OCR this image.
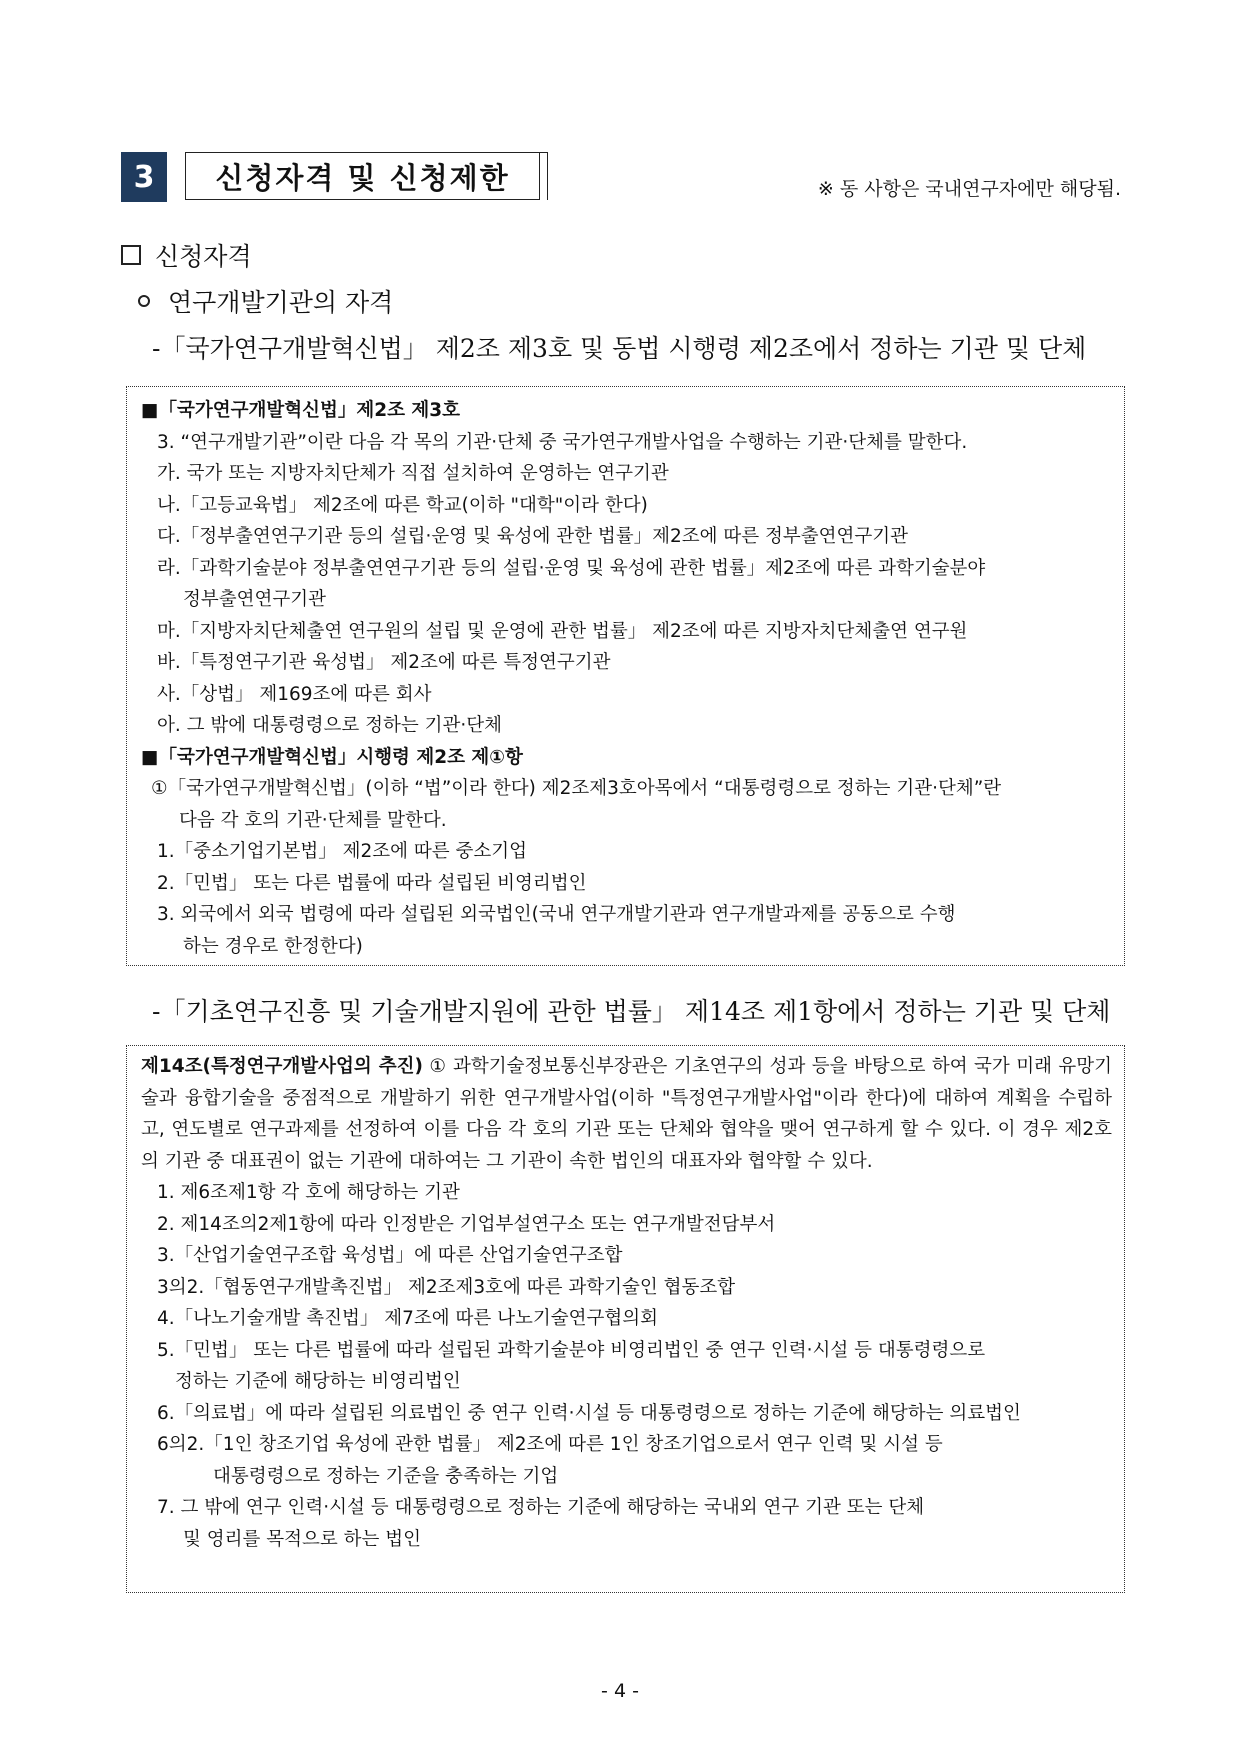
3	신청자격 및 신청제한	※ 동 사항은 국내연구자에만 해당됨.
신청자격
연구개발기관의 자격
-「국가연구개발혁신법」 제2조 제3호 및 동법 시행령 제2조에서 정하는 기관 및 단체
■「국가연구개발혁신법」제2조 제3호
3. “연구개발기관”이란 다음 각 목의 기관·단체 중 국가연구개발사업을 수행하는 기관·단체를 말한다.
가. 국가 또는 지방자치단체가 직접 설치하여 운영하는 연구기관
나.「고등교육법」 제2조에 따른 학교(이하 "대학"이라 한다)
다.「정부출연연구기관 등의 설립·운영 및 육성에 관한 법률」제2조에 따른 정부출연연구기관
라.「과학기술분야 정부출연연구기관 등의 설립·운영 및 육성에 관한 법률」제2조에 따른 과학기술분야
정부출연연구기관
마.「지방자치단체출연 연구원의 설립 및 운영에 관한 법률」 제2조에 따른 지방자치단체출연 연구원
바.「특정연구기관 육성법」 제2조에 따른 특정연구기관
사.「상법」 제169조에 따른 회사
아. 그 밖에 대통령령으로 정하는 기관·단체
■「국가연구개발혁신법」시행령 제2조 제①항
①「국가연구개발혁신법」(이하 “법”이라 한다) 제2조제3호아목에서 “대통령령으로 정하는 기관·단체”란
다음 각 호의 기관·단체를 말한다.
1.「중소기업기본법」 제2조에 따른 중소기업
2.「민법」 또는 다른 법률에 따라 설립된 비영리법인
3. 외국에서 외국 법령에 따라 설립된 외국법인(국내 연구개발기관과 연구개발과제를 공동으로 수행
하는 경우로 한정한다)
-「기초연구진흥 및 기술개발지원에 관한 법률」 제14조 제1항에서 정하는 기관 및 단체
제14조(특정연구개발사업의 추진) ① 과학기술정보통신부장관은 기초연구의 성과 등을 바탕으로 하여 국가 미래 유망기술과 융합기술을 중점적으로 개발하기 위한 연구개발사업(이하 "특정연구개발사업"이라 한다)에 대하여 계획을 수립하고, 연도별로 연구과제를 선정하여 이를 다음 각 호의 기관 또는 단체와 협약을 맺어 연구하게 할 수 있다. 이 경우 제2호의 기관 중 대표권이 없는 기관에 대하여는 그 기관이 속한 법인의 대표자와 협약할 수 있다.
1. 제6조제1항 각 호에 해당하는 기관
2. 제14조의2제1항에 따라 인정받은 기업부설연구소 또는 연구개발전담부서
3.「산업기술연구조합 육성법」에 따른 산업기술연구조합
3의2.「협동연구개발촉진법」 제2조제3호에 따른 과학기술인 협동조합
4.「나노기술개발 촉진법」 제7조에 따른 나노기술연구협의회
5.「민법」 또는 다른 법률에 따라 설립된 과학기술분야 비영리법인 중 연구 인력·시설 등 대통령령으로
정하는 기준에 해당하는 비영리법인
6.「의료법」에 따라 설립된 의료법인 중 연구 인력·시설 등 대통령령으로 정하는 기준에 해당하는 의료법인
6의2.「1인 창조기업 육성에 관한 법률」 제2조에 따른 1인 창조기업으로서 연구 인력 및 시설 등
대통령령으로 정하는 기준을 충족하는 기업
7. 그 밖에 연구 인력·시설 등 대통령령으로 정하는 기준에 해당하는 국내외 연구 기관 또는 단체
및 영리를 목적으로 하는 법인
- 4 -
